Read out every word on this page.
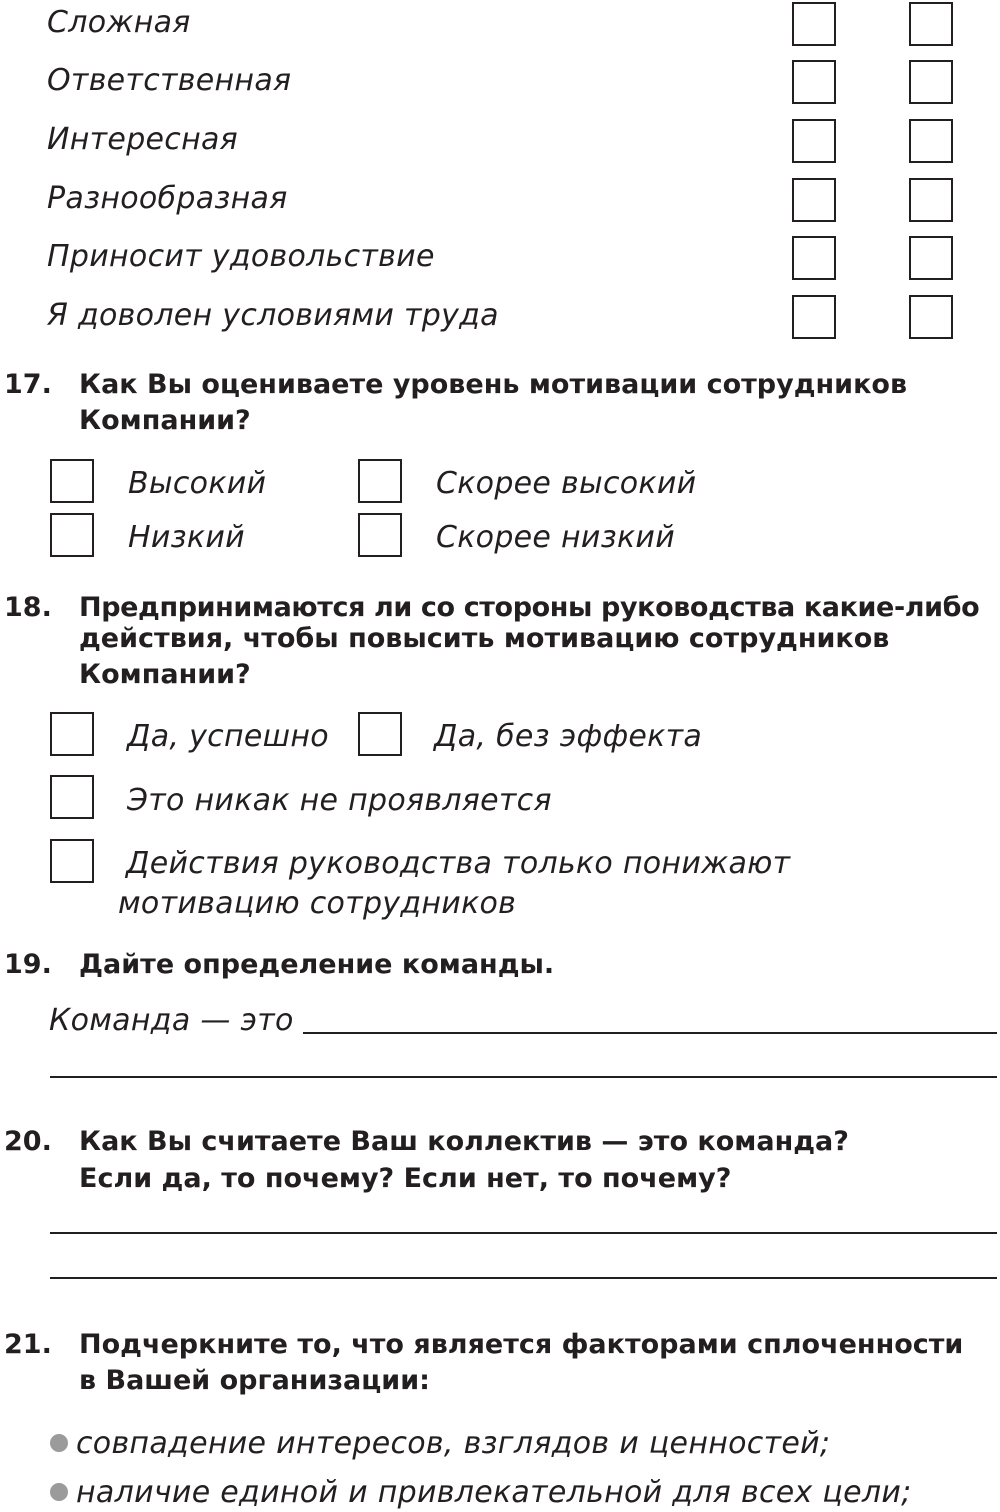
Сложная
Ответственная
Интересная
Разнообразная
Приносит удовольствие
Я доволен условиями труда
17. Как Вы оцениваете уровень мотивации сотрудников
Компании?
Высокий	Скорее высокий
Низкий	Скорее низкий
18. Предпринимаются ли со стороны руководства какие-либо
действия, чтобы повысить мотивацию сотрудников
Компании?
Да, успешно	Да, без эффекта
Это никак не проявляется
Действия руководства только понижают
мотивацию сотрудников
19. Дайте определение команды.
Команда — это
20. Как Вы считаете Ваш коллектив — это команда?
Если да, то почему? Если нет, то почему?
21. Подчеркните то, что является факторами сплоченности
в Вашей организации:
совпадение интересов, взглядов и ценностей;
наличие единой и привлекательной для всех цели;
